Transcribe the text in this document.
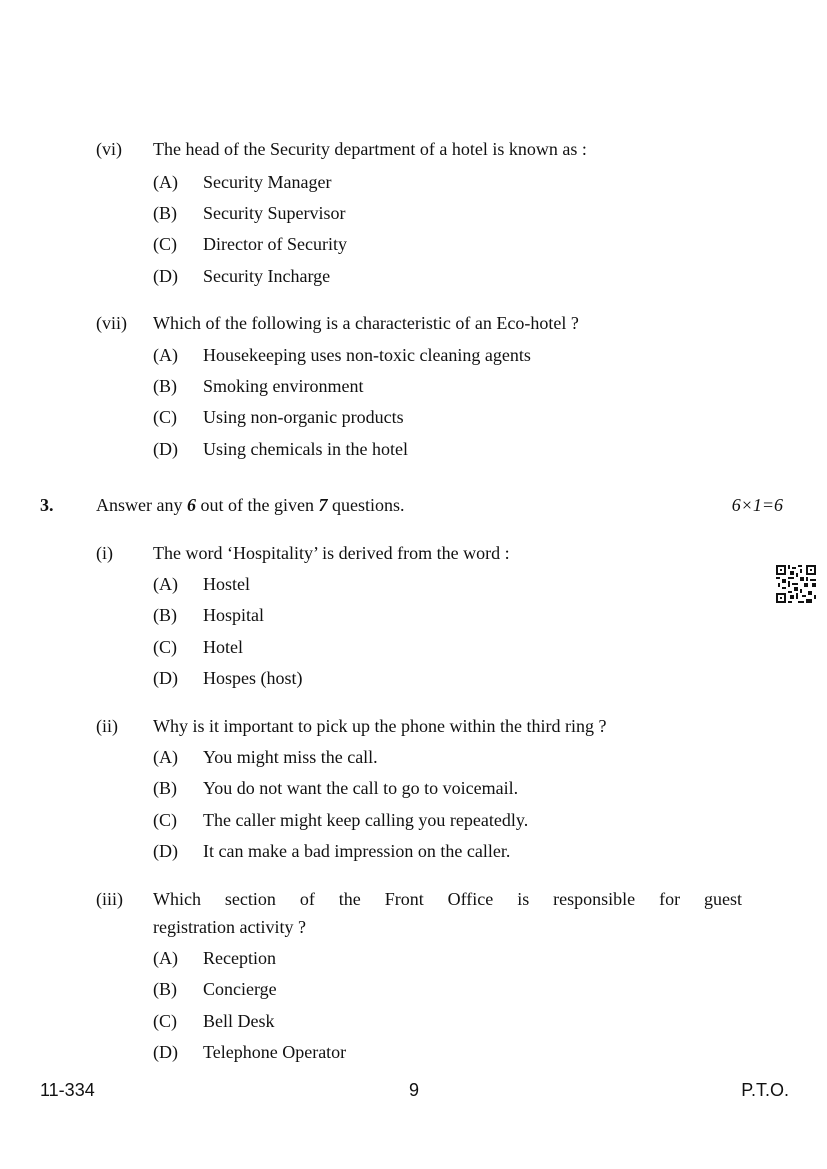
(vi) The head of the Security department of a hotel is known as :
(A) Security Manager
(B) Security Supervisor
(C) Director of Security
(D) Security Incharge
(vii) Which of the following is a characteristic of an Eco-hotel ?
(A) Housekeeping uses non-toxic cleaning agents
(B) Smoking environment
(C) Using non-organic products
(D) Using chemicals in the hotel
3. Answer any 6 out of the given 7 questions.	6×1=6
(i) The word ‘Hospitality’ is derived from the word :
(A) Hostel
(B) Hospital
(C) Hotel
(D) Hospes (host)
(ii) Why is it important to pick up the phone within the third ring ?
(A) You might miss the call.
(B) You do not want the call to go to voicemail.
(C) The caller might keep calling you repeatedly.
(D) It can make a bad impression on the caller.
(iii) Which section of the Front Office is responsible for guest
registration activity ?
(A) Reception
(B) Concierge
(C) Bell Desk
(D) Telephone Operator
11-334	9	P.T.O.
